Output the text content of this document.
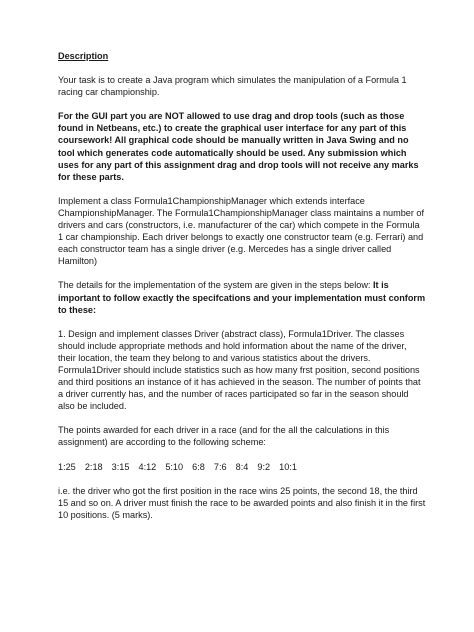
Description

Your task is to create a Java program which simulates the manipulation of a Formula 1 racing car championship.

For the GUI part you are NOT allowed to use drag and drop tools (such as those found in Netbeans, etc.) to create the graphical user interface for any part of this coursework! All graphical code should be manually written in Java Swing and no tool which generates code automatically should be used. Any submission which uses for any part of this assignment drag and drop tools will not receive any marks for these parts.

Implement a class Formula1ChampionshipManager which extends interface ChampionshipManager. The Formula1ChampionshipManager class maintains a number of drivers and cars (constructors, i.e. manufacturer of the car) which compete in the Formula 1 car championship. Each driver belongs to exactly one constructor team (e.g. Ferrari) and each constructor team has a single driver (e.g. Mercedes has a single driver called Hamilton)

The details for the implementation of the system are given in the steps below: It is important to follow exactly the specifcations and your implementation must conform to these:

1. Design and implement classes Driver (abstract class), Formula1Driver. The classes should include appropriate methods and hold information about the name of the driver, their location, the team they belong to and various statistics about the drivers. Formula1Driver should include statistics such as how many frst position, second positions and third positions an instance of it has achieved in the season. The number of points that a driver currently has, and the number of races participated so far in the season should also be included.

The points awarded for each driver in a race (and for the all the calculations in this assignment) are according to the following scheme:

1:25  2:18  3:15  4:12  5:10  6:8  7:6  8:4  9:2  10:1

i.e. the driver who got the first position in the race wins 25 points, the second 18, the third 15 and so on. A driver must finish the race to be awarded points and also finish it in the first 10 positions. (5 marks).
